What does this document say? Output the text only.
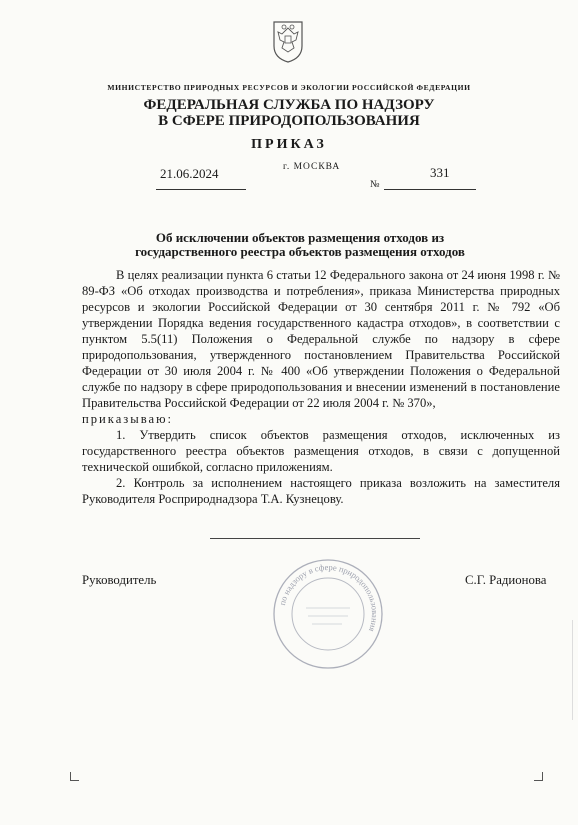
МИНИСТЕРСТВО ПРИРОДНЫХ РЕСУРСОВ И ЭКОЛОГИИ РОССИЙСКОЙ ФЕДЕРАЦИИ
ФЕДЕРАЛЬНАЯ СЛУЖБА ПО НАДЗОРУ
В СФЕРЕ ПРИРОДОПОЛЬЗОВАНИЯ
ПРИКАЗ
21.06.2024	г. МОСКВА
№
331
Об исключении объектов размещения отходов из
государственного реестра объектов размещения отходов

В целях реализации пункта 6 статьи 12 Федерального закона от 24 июня 1998 г. № 89-ФЗ «Об отходах производства и потребления», приказа Министерства природных ресурсов и экологии Российской Федерации от 30 сентября 2011 г. № 792 «Об утверждении Порядка ведения государственного кадастра отходов», в соответствии с пунктом 5.5(11) Положения о Федеральной службе по надзору в сфере природопользования, утвержденного постановлением Правительства Российской Федерации от 30 июля 2004 г. № 400 «Об утверждении Положения о Федеральной службе по надзору в сфере природопользования и внесении изменений в постановление Правительства Российской Федерации от 22 июля 2004 г. № 370»,

приказываю:

1. Утвердить список объектов размещения отходов, исключенных из государственного реестра объектов размещения отходов, в связи с допущенной технической ошибкой, согласно приложениям.

2. Контроль за исполнением настоящего приказа возложить на заместителя Руководителя Росприроднадзора Т.А. Кузнецову.

Руководитель	С.Г. Радионова
по надзору в сфере природопользования
